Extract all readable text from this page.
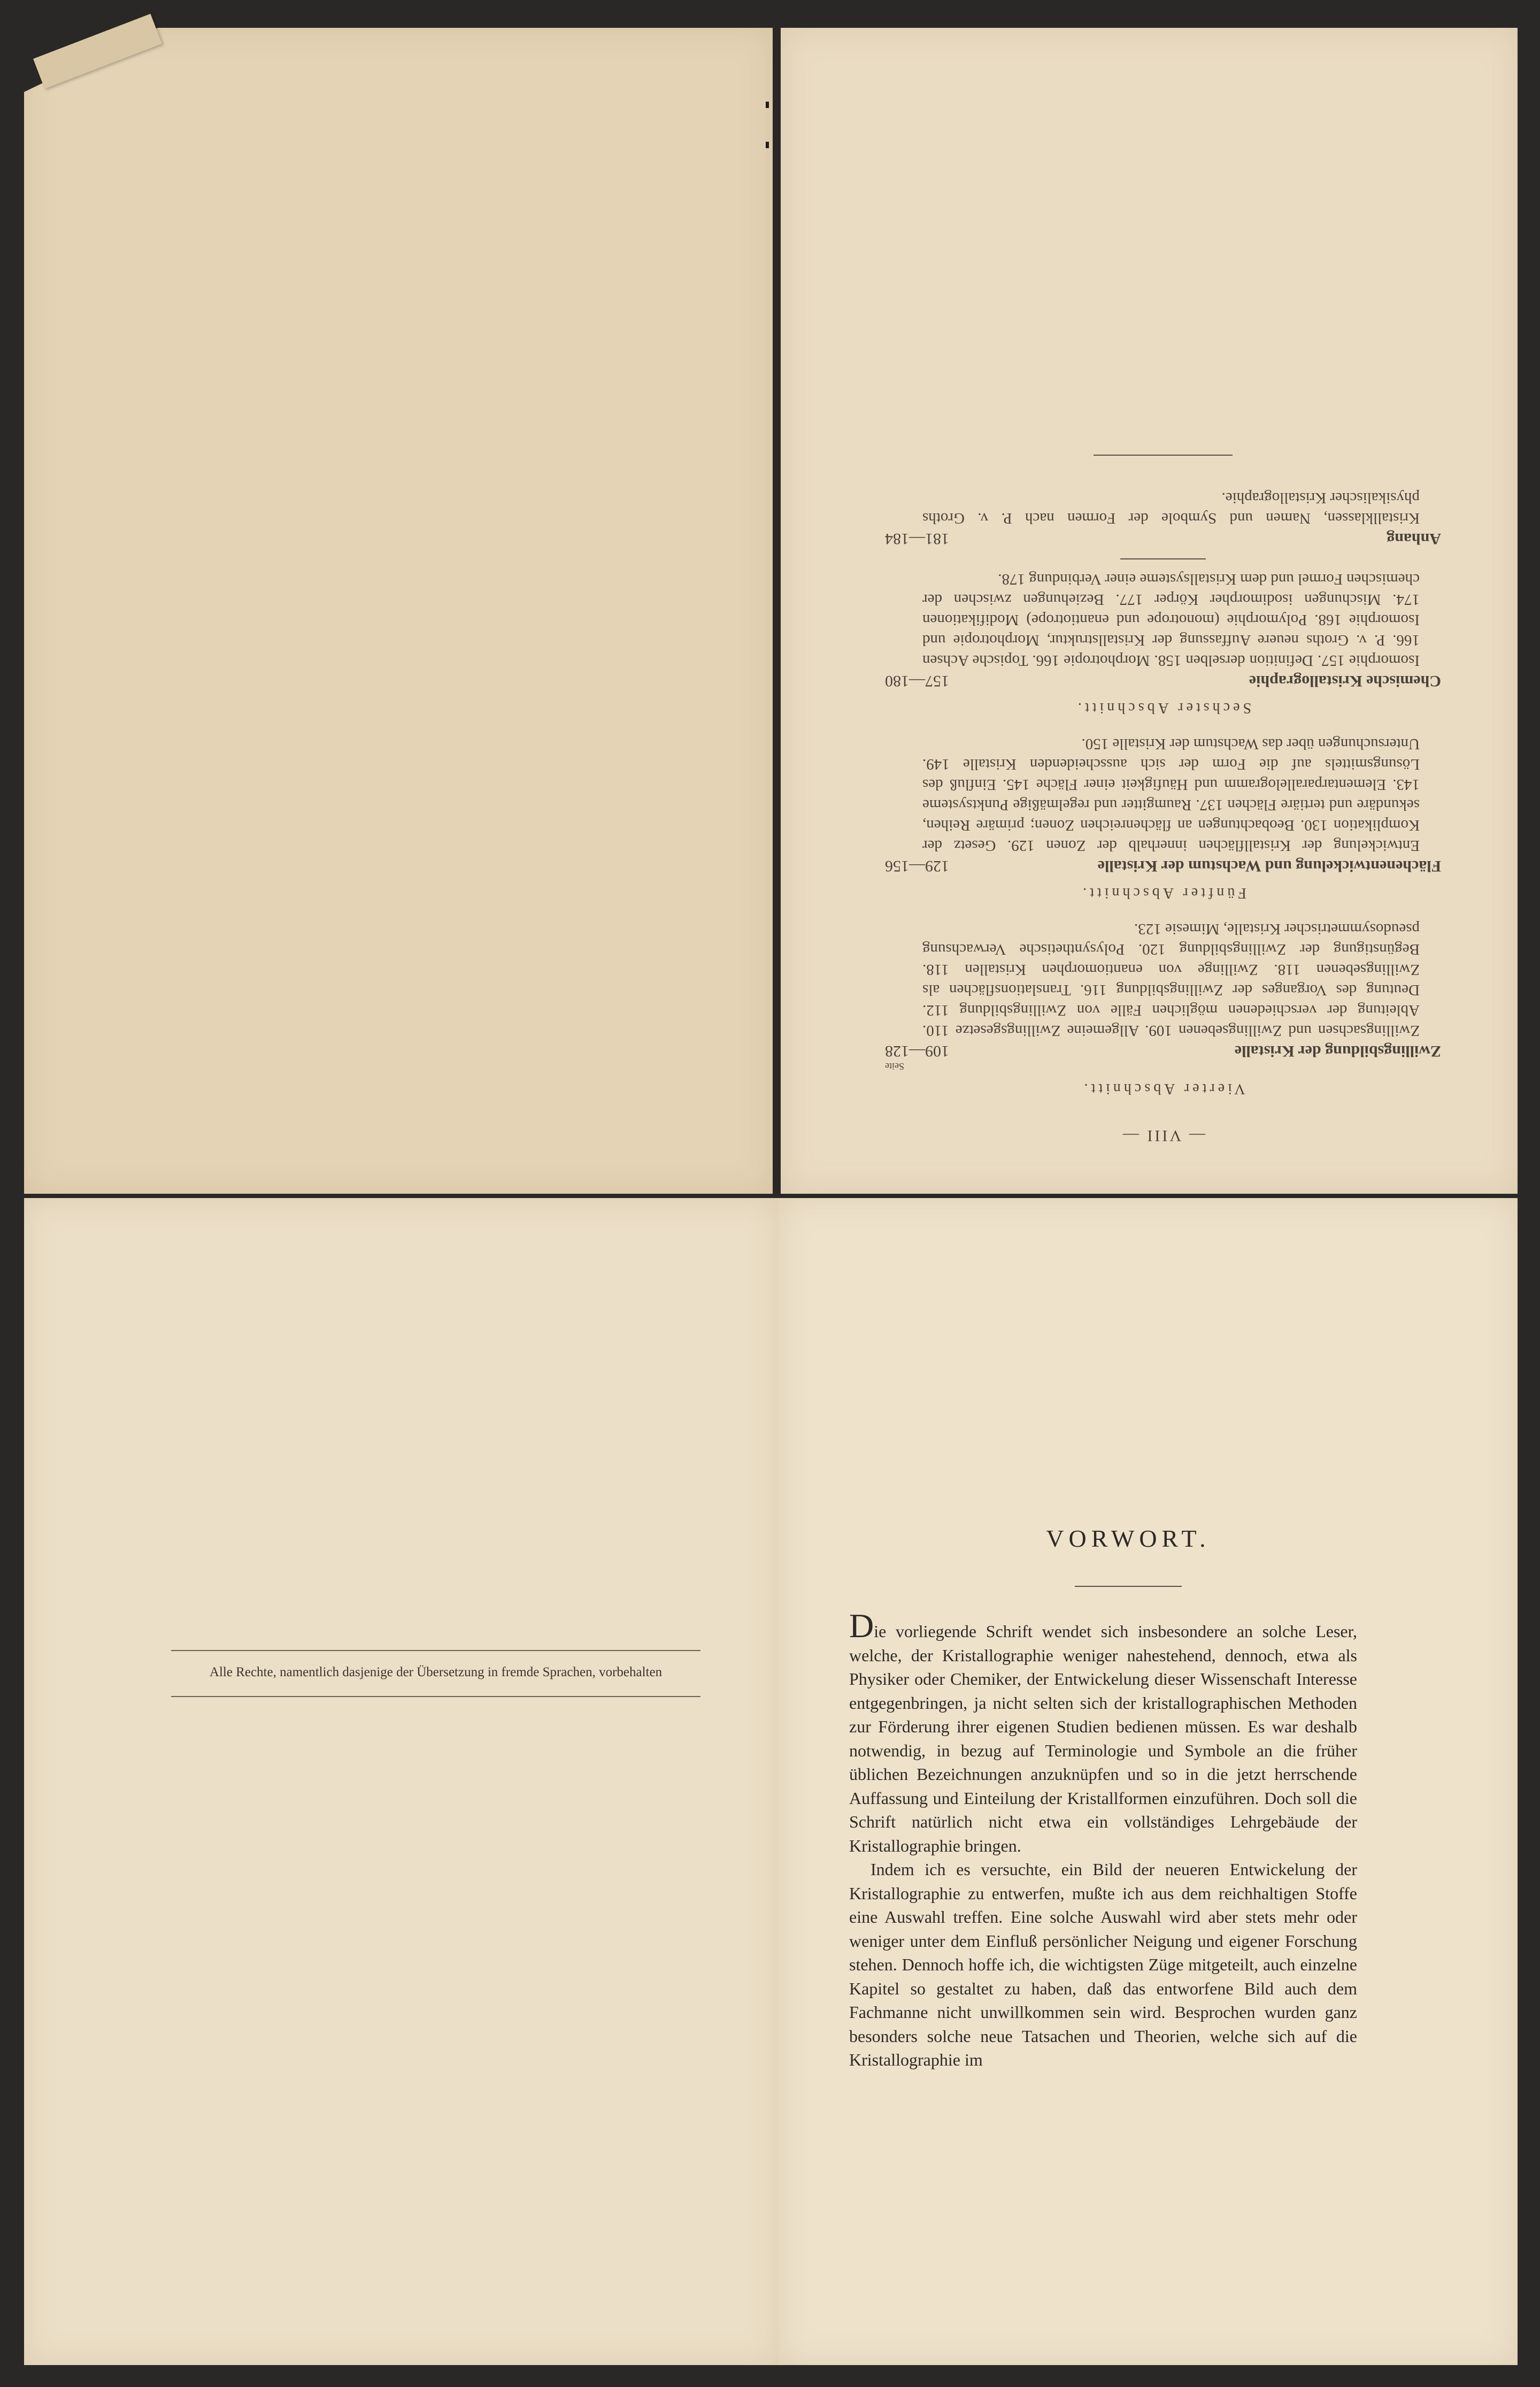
— VIII —
Vierter Abschnitt.
Seite
Zwillingsbildung der Kristalle
109—128
Zwillingsachsen und Zwillingsebenen 109. Allgemeine Zwillingsgesetze 110. Ableitung der verschiedenen möglichen Fälle von Zwillingsbildung 112. Deutung des Vorganges der Zwillingsbildung 116. Translationsflächen als Zwillingsebenen 118. Zwillinge von enantiomorphen Kristallen 118. Begünstigung der Zwillingsbildung 120. Polysynthetische Verwachsung pseudosymmetrischer Kristalle, Mimesie 123.
Fünfter Abschnitt.
Flächenentwickelung und Wachstum der Kristalle
129—156
Entwickelung der Kristallflächen innerhalb der Zonen 129. Gesetz der Komplikation 130. Beobachtungen an flächenreichen Zonen; primäre Reihen, sekundäre und tertiäre Flächen 137. Raumgitter und regelmäßige Punktsysteme 143. Elementarparallelogramm und Häufigkeit einer Fläche 145. Einfluß des Lösungsmittels auf die Form der sich ausscheidenden Kristalle 149. Untersuchungen über das Wachstum der Kristalle 150.
Sechster Abschnitt.
Chemische Kristallographie
157—180
Isomorphie 157. Definition derselben 158. Morphotropie 166. Topische Achsen 166. P. v. Groths neuere Auffassung der Kristallstruktur, Morphotropie und Isomorphie 168. Polymorphie (monotrope und enantiotrope) Modifikationen 174. Mischungen isodimorpher Körper 177. Beziehungen zwischen der chemischen Formel und dem Kristallsysteme einer Verbindung 178.
Anhang
181—184
Kristallklassen, Namen und Symbole der Formen nach P. v. Groths physikalischer Kristallographie.
Alle Rechte, namentlich dasjenige der Übersetzung in fremde Sprachen, vorbehalten
VORWORT.

Die vorliegende Schrift wendet sich insbesondere an solche Leser, welche, der Kristallographie weniger nahestehend, dennoch, etwa als Physiker oder Chemiker, der Entwickelung dieser Wissenschaft Interesse entgegenbringen, ja nicht selten sich der kristallographischen Methoden zur Förderung ihrer eigenen Studien bedienen müssen. Es war deshalb notwendig, in bezug auf Terminologie und Symbole an die früher üblichen Bezeichnungen anzuknüpfen und so in die jetzt herrschende Auffassung und Einteilung der Kristallformen einzuführen. Doch soll die Schrift natürlich nicht etwa ein vollständiges Lehrgebäude der Kristallographie bringen.

Indem ich es versuchte, ein Bild der neueren Entwickelung der Kristallographie zu entwerfen, mußte ich aus dem reichhaltigen Stoffe eine Auswahl treffen. Eine solche Auswahl wird aber stets mehr oder weniger unter dem Einfluß persönlicher Neigung und eigener Forschung stehen. Dennoch hoffe ich, die wichtigsten Züge mitgeteilt, auch einzelne Kapitel so gestaltet zu haben, daß das entworfene Bild auch dem Fachmanne nicht unwillkommen sein wird. Besprochen wurden ganz besonders solche neue Tatsachen und Theorien, welche sich auf die Kristallographie im
